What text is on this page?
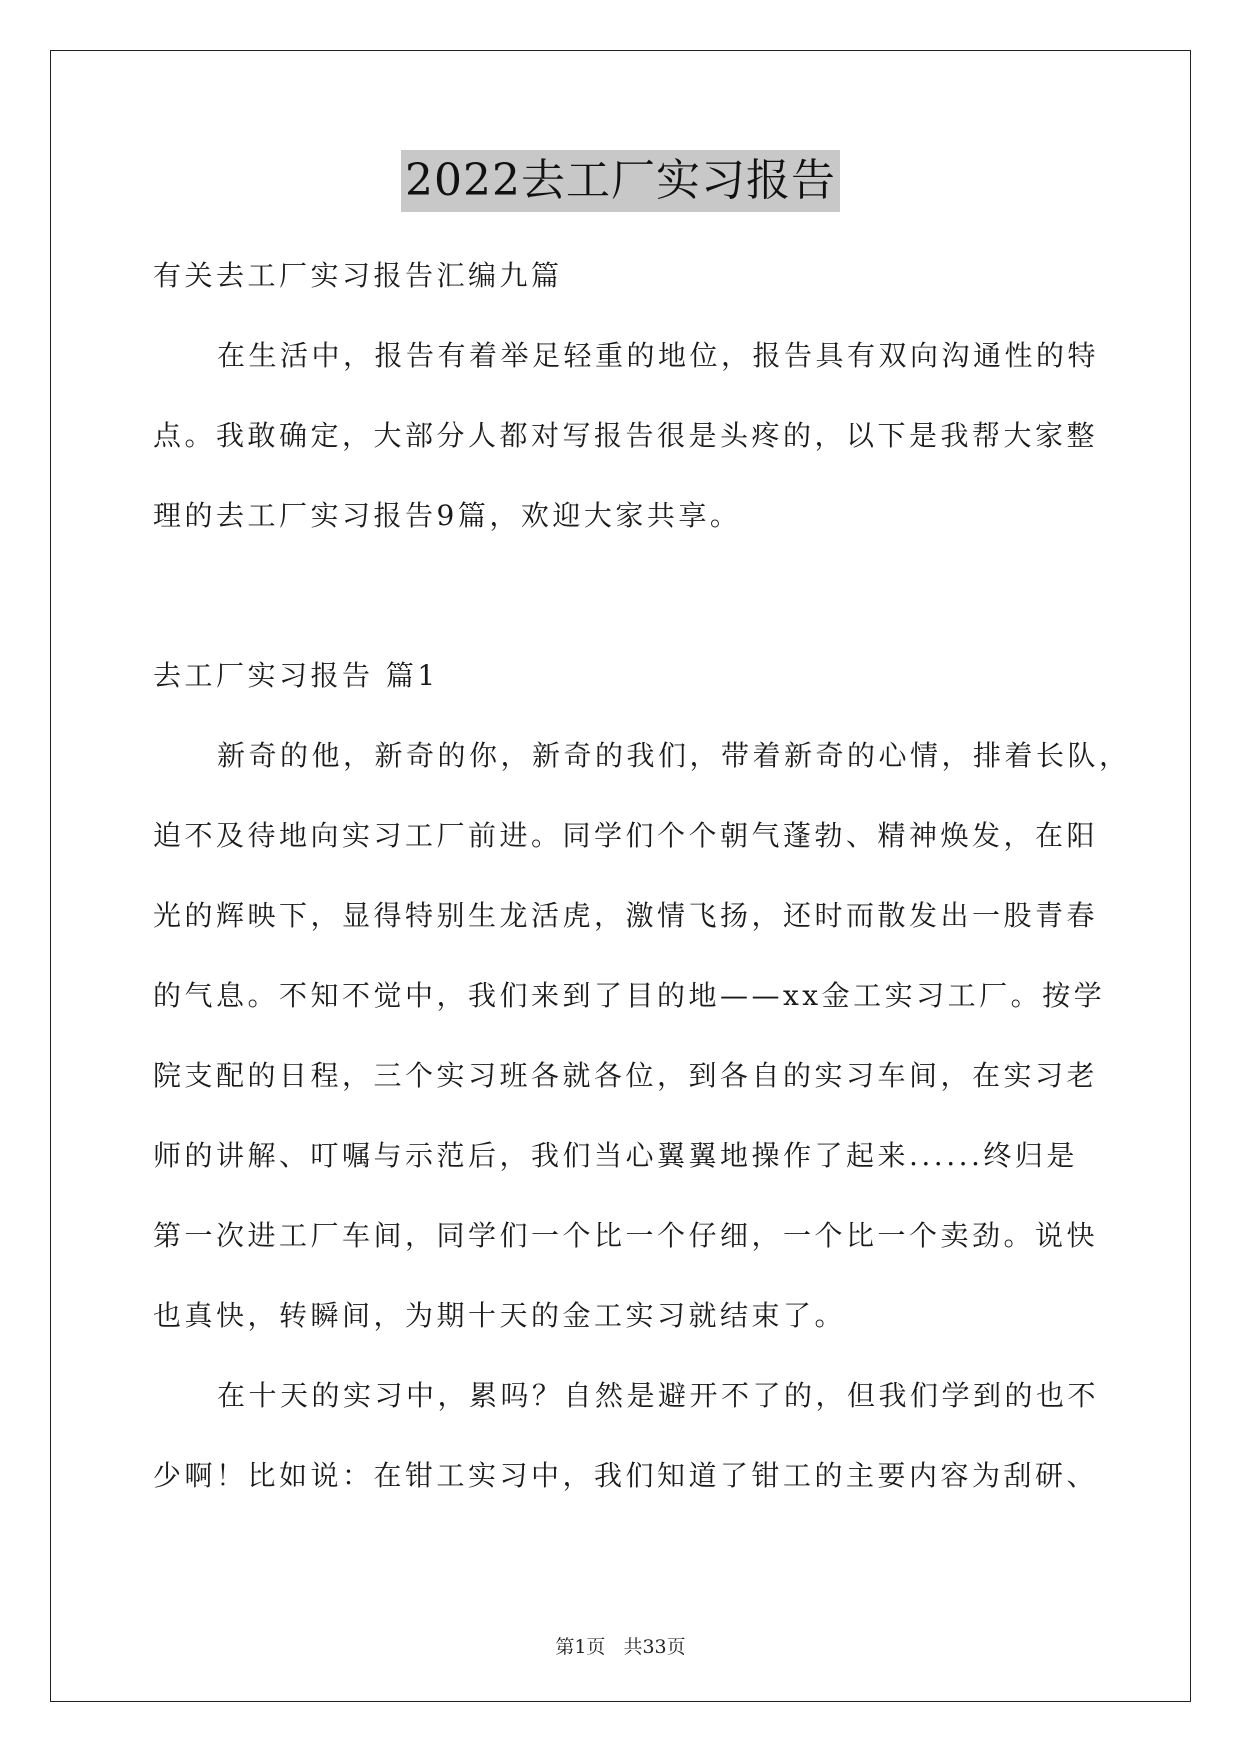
2022去工厂实习报告
有关去工厂实习报告汇编九篇
在生活中，报告有着举足轻重的地位，报告具有双向沟通性的特
点。我敢确定，大部分人都对写报告很是头疼的，以下是我帮大家整
理的去工厂实习报告9篇，欢迎大家共享。
去工厂实习报告 篇1
新奇的他，新奇的你，新奇的我们，带着新奇的心情，排着长队，
迫不及待地向实习工厂前进。同学们个个朝气蓬勃、精神焕发，在阳
光的辉映下，显得特别生龙活虎，激情飞扬，还时而散发出一股青春
的气息。不知不觉中，我们来到了目的地——xx金工实习工厂。按学
院支配的日程，三个实习班各就各位，到各自的实习车间，在实习老
师的讲解、叮嘱与示范后，我们当心翼翼地操作了起来......终归是
第一次进工厂车间，同学们一个比一个仔细，一个比一个卖劲。说快
也真快，转瞬间，为期十天的金工实习就结束了。
在十天的实习中，累吗？自然是避开不了的，但我们学到的也不
少啊！比如说：在钳工实习中，我们知道了钳工的主要内容为刮研、
第1页 共33页
